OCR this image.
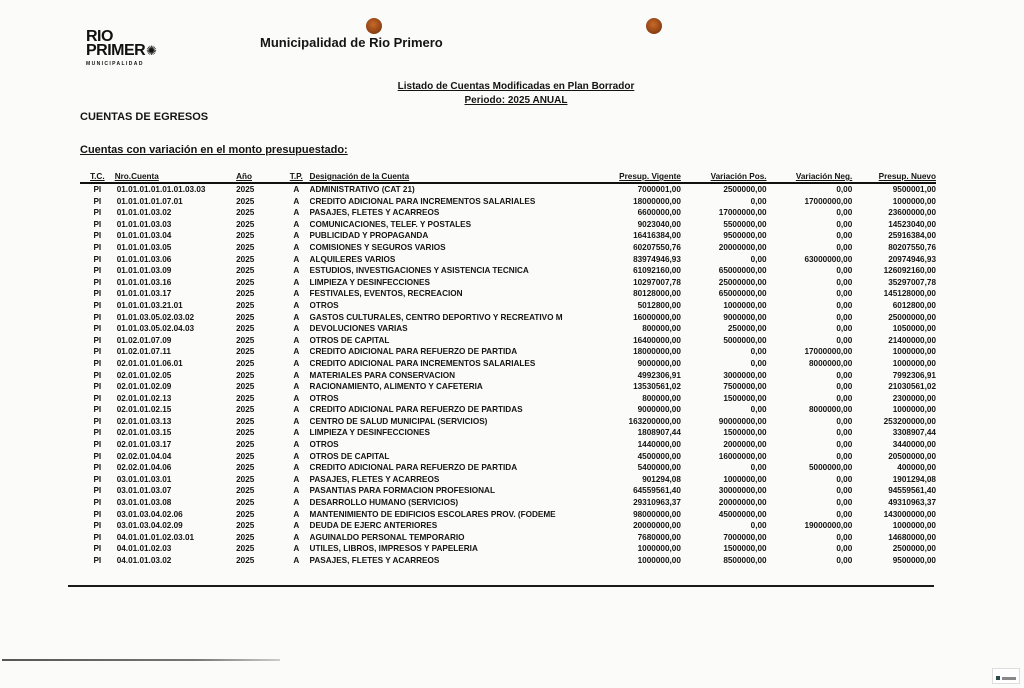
RIO
PRIMER
MUNICIPALIDAD
✺
Municipalidad de Rio Primero
Listado de Cuentas Modificadas en Plan Borrador
Periodo: 2025 ANUAL
CUENTAS DE EGRESOS
Cuentas con variación en el monto presupuestado:
T.C.	Nro.Cuenta	Año	T.P.	Designación de la Cuenta	Presup. Vigente	Variación Pos.	Variación Neg.	Presup. Nuevo
PI	01.01.01.01.01.01.03.03	2025	A	ADMINISTRATIVO (CAT 21)	7000001,00	2500000,00	0,00	9500001,00
PI	01.01.01.01.07.01	2025	A	CREDITO ADICIONAL PARA INCREMENTOS SALARIALES	18000000,00	0,00	17000000,00	1000000,00
PI	01.01.01.03.02	2025	A	PASAJES, FLETES Y ACARREOS	6600000,00	17000000,00	0,00	23600000,00
PI	01.01.01.03.03	2025	A	COMUNICACIONES, TELEF. Y POSTALES	9023040,00	5500000,00	0,00	14523040,00
PI	01.01.01.03.04	2025	A	PUBLICIDAD Y PROPAGANDA	16416384,00	9500000,00	0,00	25916384,00
PI	01.01.01.03.05	2025	A	COMISIONES Y SEGUROS VARIOS	60207550,76	20000000,00	0,00	80207550,76
PI	01.01.01.03.06	2025	A	ALQUILERES VARIOS	83974946,93	0,00	63000000,00	20974946,93
PI	01.01.01.03.09	2025	A	ESTUDIOS, INVESTIGACIONES Y ASISTENCIA TECNICA	61092160,00	65000000,00	0,00	126092160,00
PI	01.01.01.03.16	2025	A	LIMPIEZA Y DESINFECCIONES	10297007,78	25000000,00	0,00	35297007,78
PI	01.01.01.03.17	2025	A	FESTIVALES, EVENTOS, RECREACION	80128000,00	65000000,00	0,00	145128000,00
PI	01.01.01.03.21.01	2025	A	OTROS	5012800,00	1000000,00	0,00	6012800,00
PI	01.01.03.05.02.03.02	2025	A	GASTOS CULTURALES, CENTRO DEPORTIVO Y RECREATIVO M	16000000,00	9000000,00	0,00	25000000,00
PI	01.01.03.05.02.04.03	2025	A	DEVOLUCIONES VARIAS	800000,00	250000,00	0,00	1050000,00
PI	01.02.01.07.09	2025	A	OTROS DE CAPITAL	16400000,00	5000000,00	0,00	21400000,00
PI	01.02.01.07.11	2025	A	CREDITO ADICIONAL PARA REFUERZO DE PARTIDA	18000000,00	0,00	17000000,00	1000000,00
PI	02.01.01.01.06.01	2025	A	CREDITO ADICIONAL PARA INCREMENTOS SALARIALES	9000000,00	0,00	8000000,00	1000000,00
PI	02.01.01.02.05	2025	A	MATERIALES PARA CONSERVACION	4992306,91	3000000,00	0,00	7992306,91
PI	02.01.01.02.09	2025	A	RACIONAMIENTO, ALIMENTO Y CAFETERIA	13530561,02	7500000,00	0,00	21030561,02
PI	02.01.01.02.13	2025	A	OTROS	800000,00	1500000,00	0,00	2300000,00
PI	02.01.01.02.15	2025	A	CREDITO ADICIONAL PARA REFUERZO DE PARTIDAS	9000000,00	0,00	8000000,00	1000000,00
PI	02.01.01.03.13	2025	A	CENTRO DE SALUD MUNICIPAL (SERVICIOS)	163200000,00	90000000,00	0,00	253200000,00
PI	02.01.01.03.15	2025	A	LIMPIEZA Y DESINFECCIONES	1808907,44	1500000,00	0,00	3308907,44
PI	02.01.01.03.17	2025	A	OTROS	1440000,00	2000000,00	0,00	3440000,00
PI	02.02.01.04.04	2025	A	OTROS DE CAPITAL	4500000,00	16000000,00	0,00	20500000,00
PI	02.02.01.04.06	2025	A	CREDITO ADICIONAL PARA REFUERZO DE PARTIDA	5400000,00	0,00	5000000,00	400000,00
PI	03.01.01.03.01	2025	A	PASAJES, FLETES Y ACARREOS	901294,08	1000000,00	0,00	1901294,08
PI	03.01.01.03.07	2025	A	PASANTIAS PARA FORMACION PROFESIONAL	64559561,40	30000000,00	0,00	94559561,40
PI	03.01.01.03.08	2025	A	DESARROLLO HUMANO (SERVICIOS)	29310963,37	20000000,00	0,00	49310963,37
PI	03.01.03.04.02.06	2025	A	MANTENIMIENTO DE EDIFICIOS ESCOLARES PROV. (FODEME	98000000,00	45000000,00	0,00	143000000,00
PI	03.01.03.04.02.09	2025	A	DEUDA DE EJERC ANTERIORES	20000000,00	0,00	19000000,00	1000000,00
PI	04.01.01.01.02.03.01	2025	A	AGUINALDO PERSONAL TEMPORARIO	7680000,00	7000000,00	0,00	14680000,00
PI	04.01.01.02.03	2025	A	UTILES, LIBROS, IMPRESOS Y PAPELERIA	1000000,00	1500000,00	0,00	2500000,00
PI	04.01.01.03.02	2025	A	PASAJES, FLETES Y ACARREOS	1000000,00	8500000,00	0,00	9500000,00
